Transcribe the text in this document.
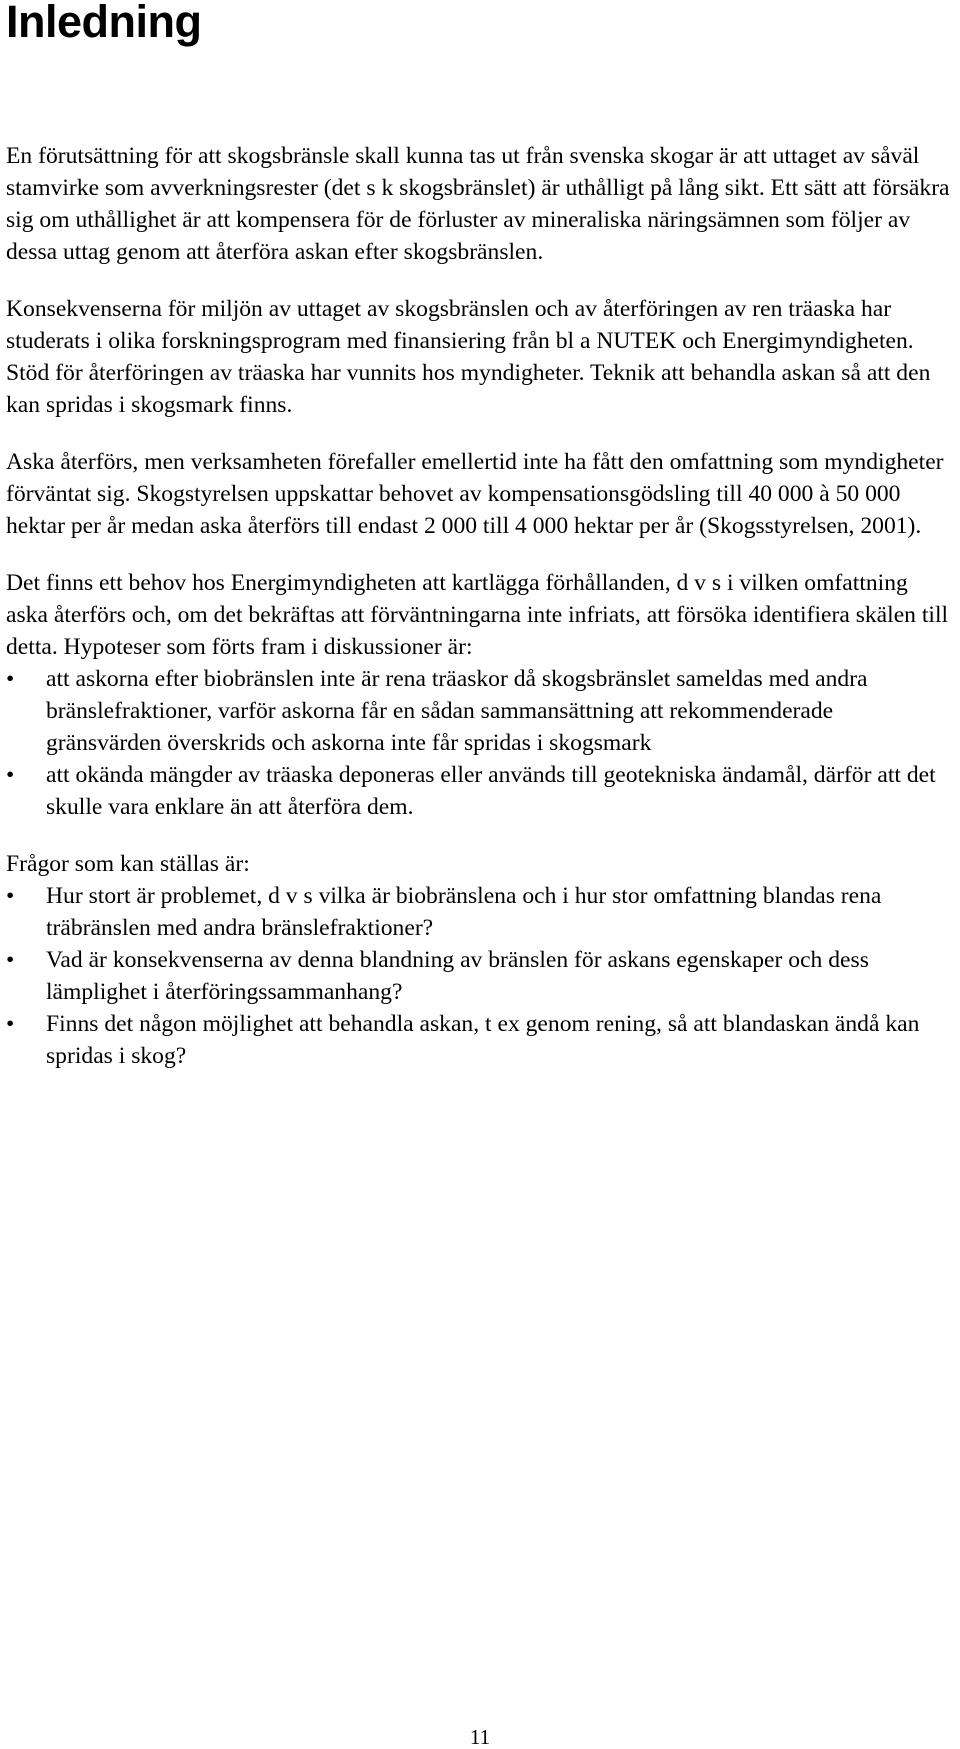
Inledning

En förutsättning för att skogsbränsle skall kunna tas ut från svenska skogar är att uttaget av såväl stamvirke som avverkningsrester (det s k skogsbränslet) är uthålligt på lång sikt. Ett sätt att försäkra sig om uthållighet är att kompensera för de förluster av mineraliska näringsämnen som följer av dessa uttag genom att återföra askan efter skogsbränslen.

Konsekvenserna för miljön av uttaget av skogsbränslen och av återföringen av ren träaska har studerats i olika forskningsprogram med finansiering från bl a NUTEK och Energimyndigheten. Stöd för återföringen av träaska har vunnits hos myndigheter. Teknik att behandla askan så att den kan spridas i skogsmark finns.

Aska återförs, men verksamheten förefaller emellertid inte ha fått den omfattning som myndigheter förväntat sig. Skogstyrelsen uppskattar behovet av kompensationsgödsling till 40 000 à 50 000 hektar per år medan aska återförs till endast 2 000 till 4 000 hektar per år (Skogsstyrelsen, 2001).

Det finns ett behov hos Energimyndigheten att kartlägga förhållanden, d v s i vilken omfattning aska återförs och, om det bekräftas att förväntningarna inte infriats, att försöka identifiera skälen till detta. Hypoteser som förts fram i diskussioner är:

•	att askorna efter biobränslen inte är rena träaskor då skogsbränslet sameldas med andra bränslefraktioner, varför askorna får en sådan sammansättning att rekommenderade gränsvärden överskrids och askorna inte får spridas i skogsmark
•	att okända mängder av träaska deponeras eller används till geotekniska ändamål, därför att det skulle vara enklare än att återföra dem.

Frågor som kan ställas är:

•	Hur stort är problemet, d v s vilka är biobränslena och i hur stor omfattning blandas rena träbränslen med andra bränslefraktioner?
•	Vad är konsekvenserna av denna blandning av bränslen för askans egenskaper och dess lämplighet i återföringssammanhang?
•	Finns det någon möjlighet att behandla askan, t ex genom rening, så att blandaskan ändå kan spridas i skog?
11
